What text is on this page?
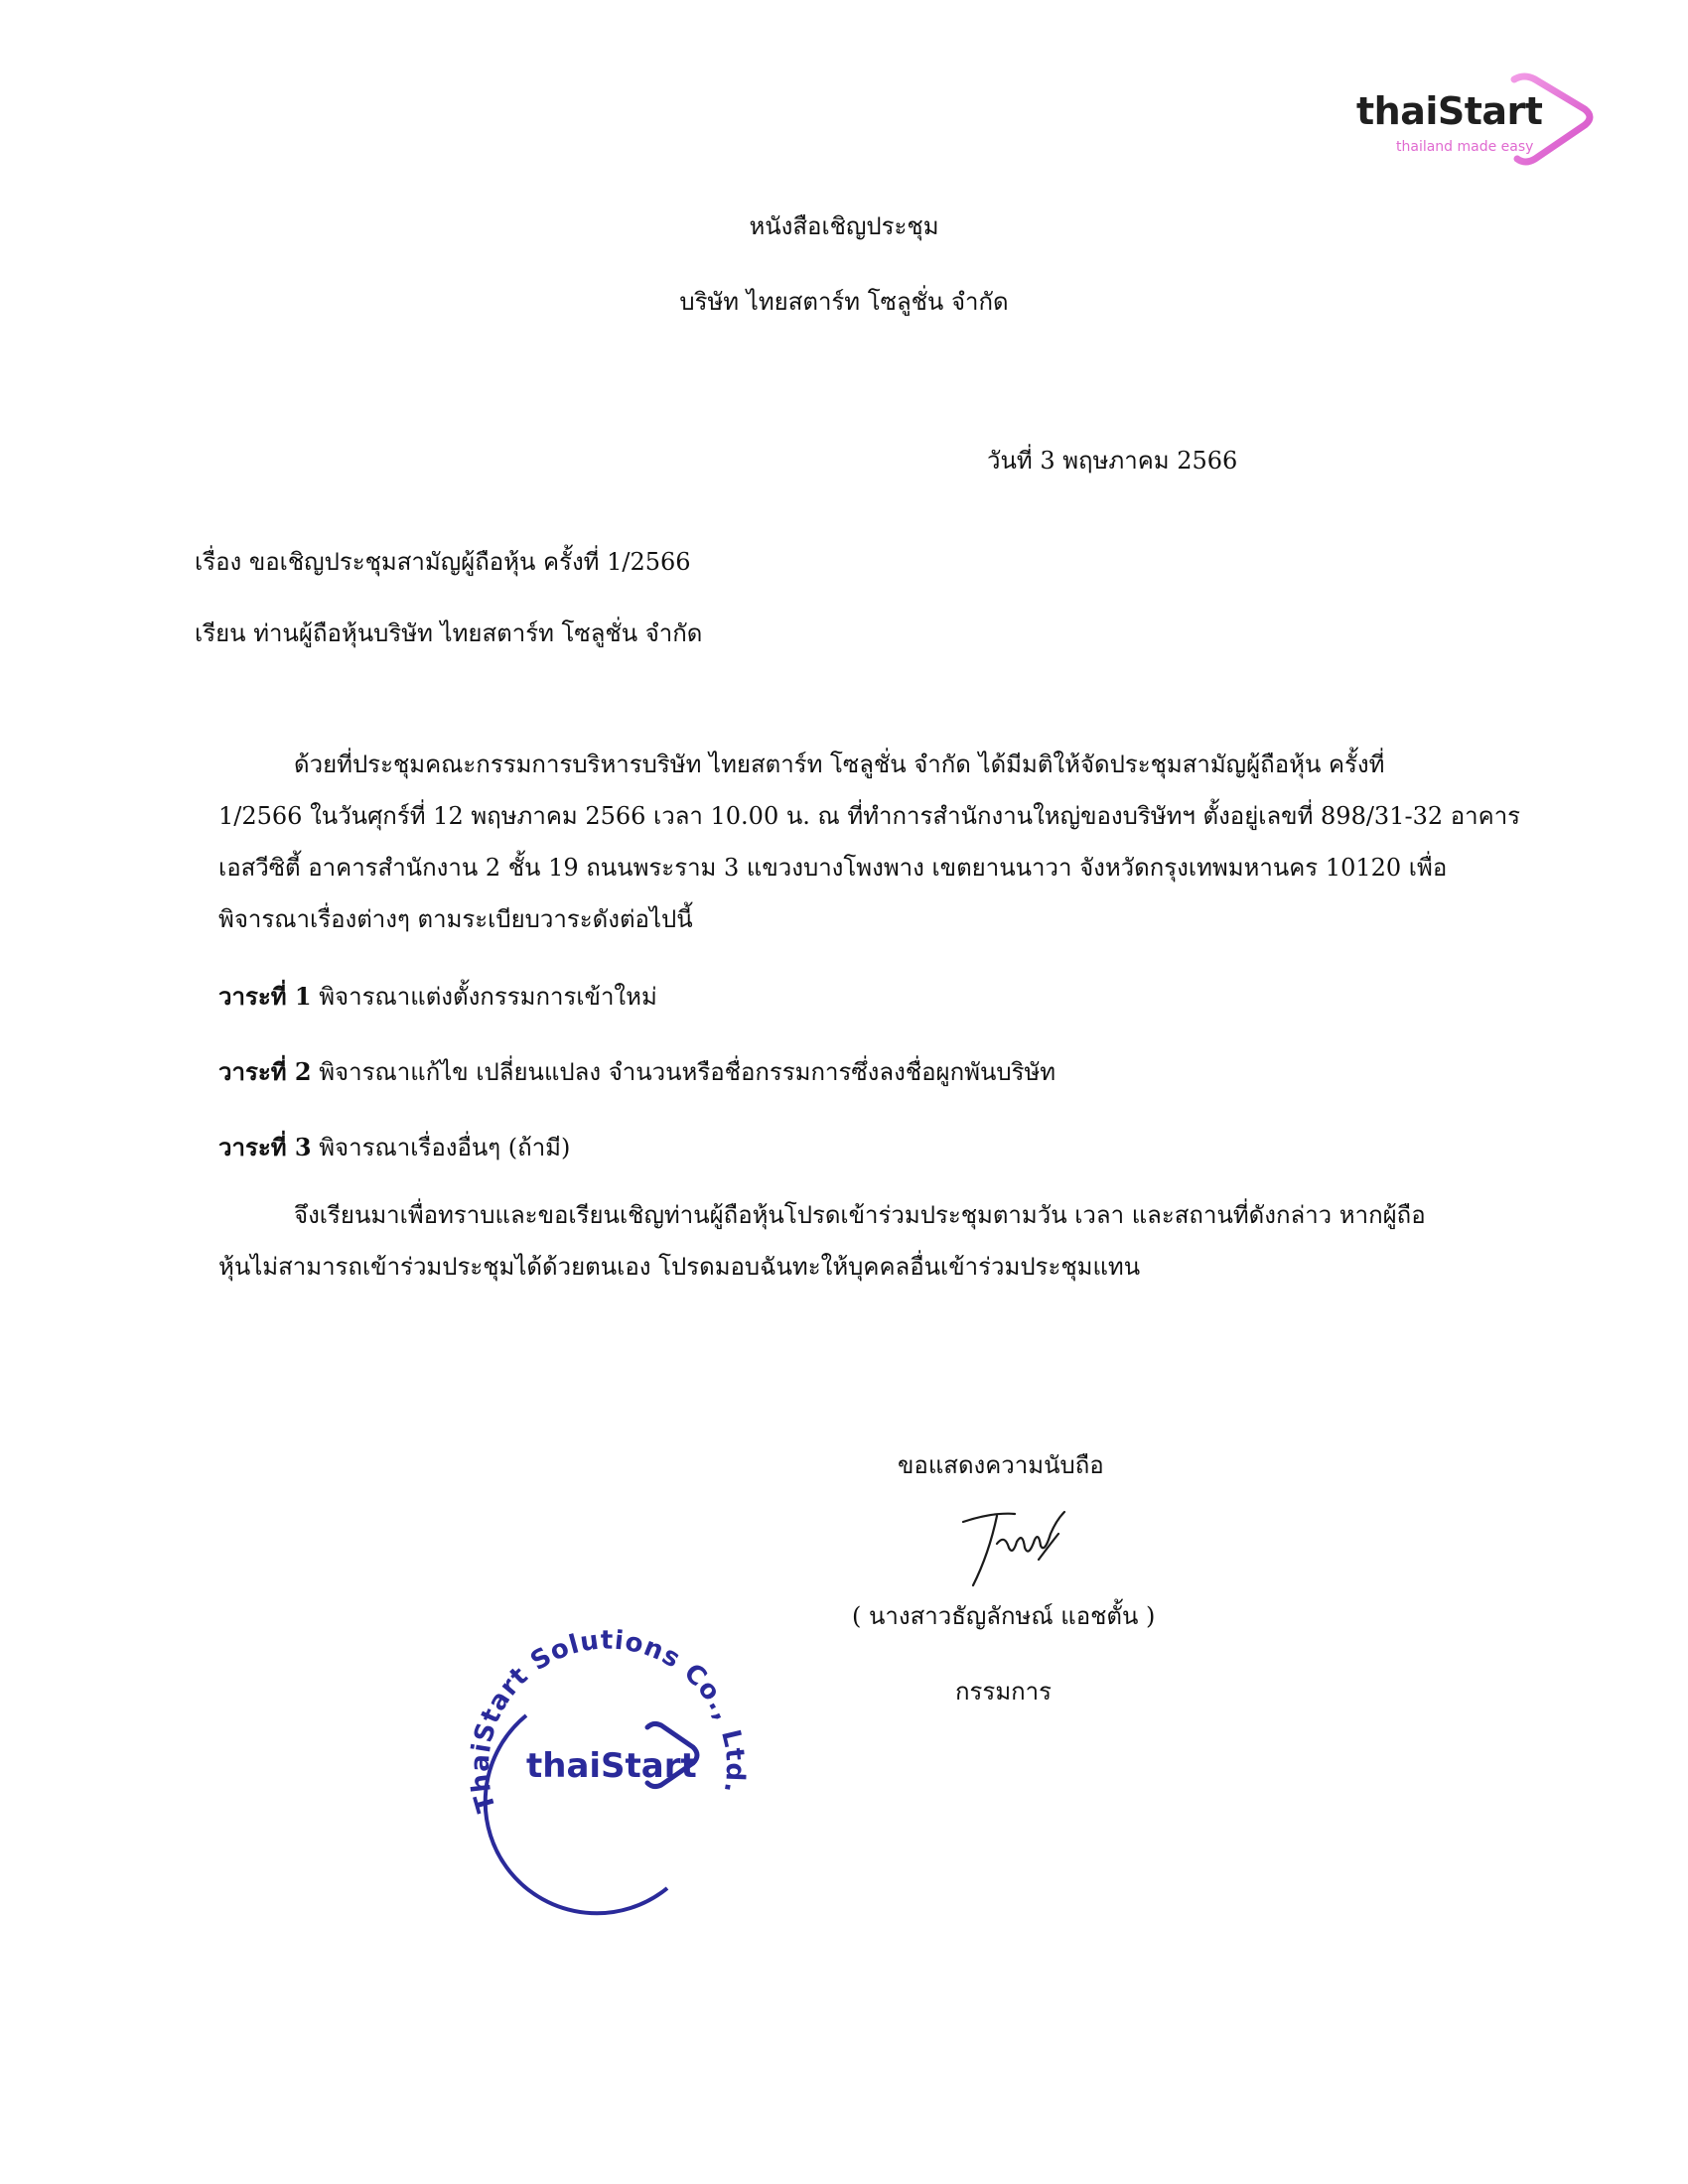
thaiStart
thailand made easy
หนังสือเชิญประชุม
บริษัท ไทยสตาร์ท โซลูชั่น จำกัด
วันที่ 3 พฤษภาคม 2566
เรื่อง ขอเชิญประชุมสามัญผู้ถือหุ้น ครั้งที่ 1/2566
เรียน ท่านผู้ถือหุ้นบริษัท ไทยสตาร์ท โซลูชั่น จำกัด
ด้วยที่ประชุมคณะกรรมการบริหารบริษัท ไทยสตาร์ท โซลูชั่น จำกัด ได้มีมติให้จัดประชุมสามัญผู้ถือหุ้น ครั้งที่
1/2566 ในวันศุกร์ที่ 12 พฤษภาคม 2566 เวลา 10.00 น. ณ ที่ทำการสำนักงานใหญ่ของบริษัทฯ ตั้งอยู่เลขที่ 898/31-32 อาคาร
เอสวีซิตี้ อาคารสำนักงาน 2 ชั้น 19 ถนนพระราม 3 แขวงบางโพงพาง เขตยานนาวา จังหวัดกรุงเทพมหานคร 10120 เพื่อ
พิจารณาเรื่องต่างๆ ตามระเบียบวาระดังต่อไปนี้
วาระที่ 1 พิจารณาแต่งตั้งกรรมการเข้าใหม่
วาระที่ 2 พิจารณาแก้ไข เปลี่ยนแปลง จำนวนหรือชื่อกรรมการซึ่งลงชื่อผูกพันบริษัท
วาระที่ 3 พิจารณาเรื่องอื่นๆ (ถ้ามี)
จึงเรียนมาเพื่อทราบและขอเรียนเชิญท่านผู้ถือหุ้นโปรดเข้าร่วมประชุมตามวัน เวลา และสถานที่ดังกล่าว หากผู้ถือ
หุ้นไม่สามารถเข้าร่วมประชุมได้ด้วยตนเอง โปรดมอบฉันทะให้บุคคลอื่นเข้าร่วมประชุมแทน
ขอแสดงความนับถือ
( นางสาวธัญลักษณ์ แอชตั้น )
กรรมการ
ThaiStart Solutions Co., Ltd.
thaiStart
